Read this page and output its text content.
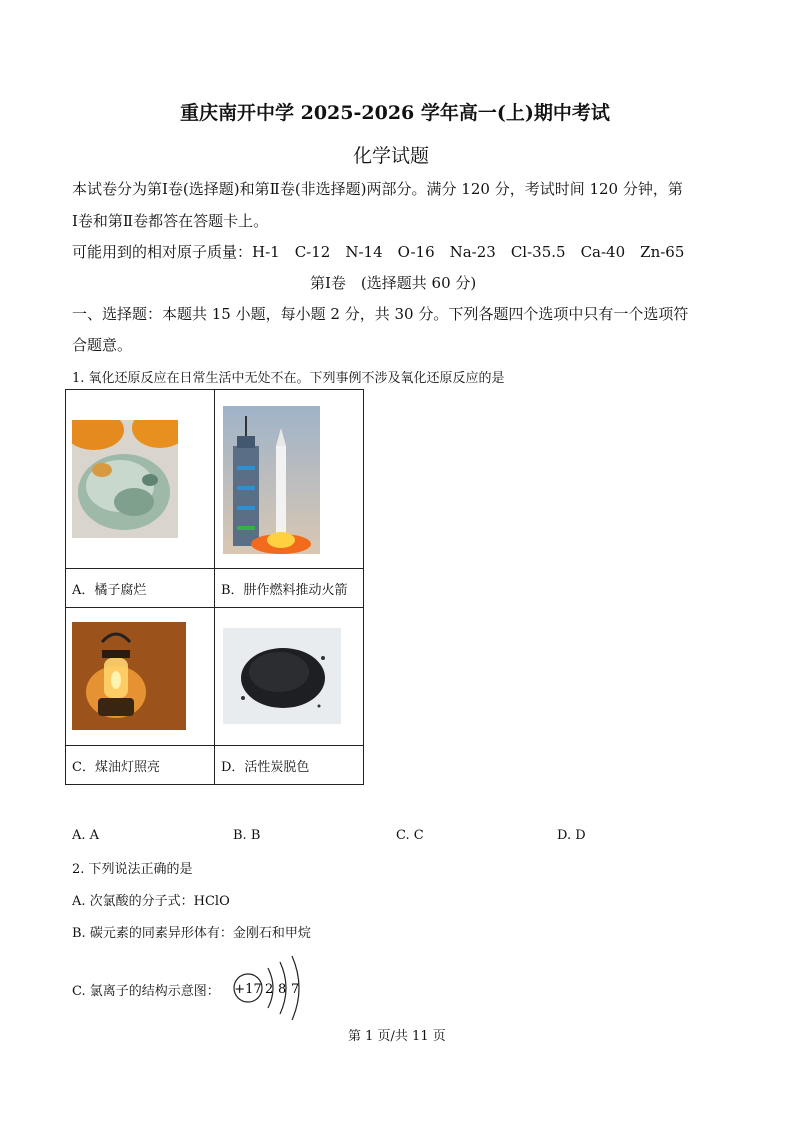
重庆南开中学 2025-2026 学年高一(上)期中考试
化学试题
本试卷分为第Ⅰ卷(选择题)和第Ⅱ卷(非选择题)两部分。满分 120 分，考试时间 120 分钟，第
Ⅰ卷和第Ⅱ卷都答在答题卡上。
可能用到的相对原子质量：H-1　C-12　N-14　O-16　Na-23　Cl-35.5　Ca-40　Zn-65
第Ⅰ卷　(选择题共 60 分)
一、选择题：本题共 15 小题，每小题 2 分，共 30 分。下列各题四个选项中只有一个选项符
合题意。
1. 氧化还原反应在日常生活中无处不在。下列事例不涉及氧化还原反应的是

A．橘子腐烂	B．肼作燃料推动火箭

C．煤油灯照亮	D．活性炭脱色
A. A	B. B	C. C	D. D
2. 下列说法正确的是
A. 次氯酸的分子式：HClO
B. 碳元素的同素异形体有：金刚石和甲烷
C. 氯离子的结构示意图： +17 2 8 7
第 1 页/共 11 页
